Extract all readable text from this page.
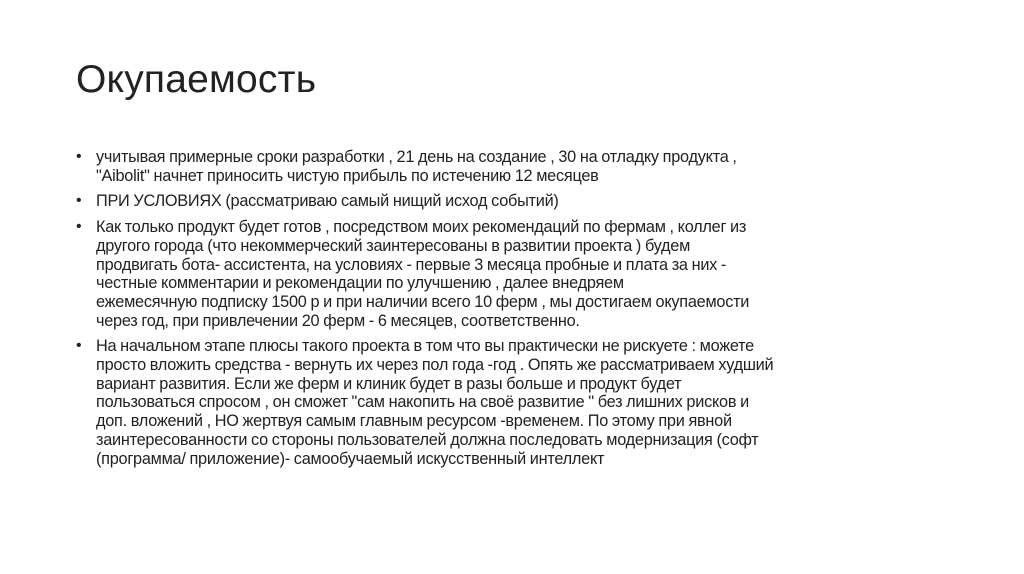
Окупаемость
• учитывая примерные сроки разработки , 21 день на создание , 30 на отладку продукта ,
"Aibolit" начнет приносить чистую прибыль по истечению 12 месяцев
• ПРИ УСЛОВИЯХ (рассматриваю самый нищий исход событий)
• Как только продукт будет готов , посредством моих рекомендаций по фермам , коллег из
другого города (что некоммерческий заинтересованы в развитии проекта ) будем
продвигать бота- ассистента, на условиях - первые 3 месяца пробные и плата за них -
честные комментарии и рекомендации по улучшению , далее внедряем
ежемесячную подписку 1500 р и при наличии всего 10 ферм , мы достигаем окупаемости
через год, при привлечении 20 ферм - 6 месяцев, соответственно.
• На начальном этапе плюсы такого проекта в том что вы практически не рискуете : можете
просто вложить средства - вернуть их через пол года -год . Опять же рассматриваем худший
вариант развития. Если же ферм и клиник будет в разы больше и продукт будет
пользоваться спросом , он сможет "сам накопить на своё развитие " без лишних рисков и
доп. вложений , НО жертвуя самым главным ресурсом -временем. По этому при явной
заинтересованности со стороны пользователей должна последовать модернизация (софт
(программа/ приложение)- самообучаемый искусственный интеллект
